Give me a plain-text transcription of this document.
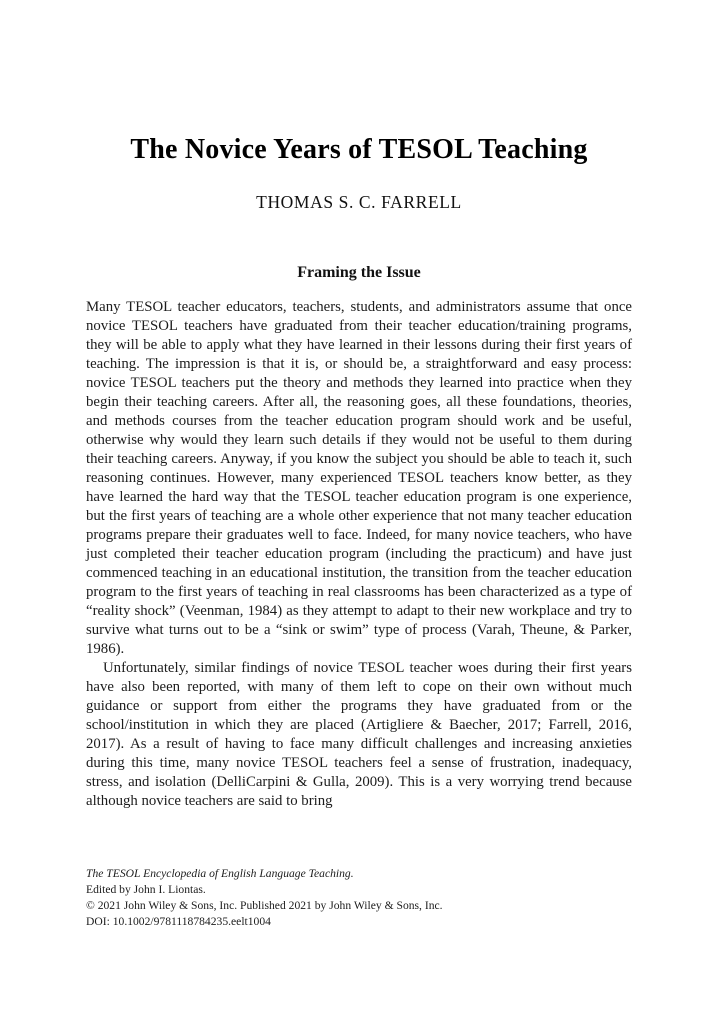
The Novice Years of TESOL Teaching
THOMAS S. C. FARRELL
Framing the Issue

Many TESOL teacher educators, teachers, students, and administrators assume that once novice TESOL teachers have graduated from their teacher education/training programs, they will be able to apply what they have learned in their lessons during their first years of teaching. The impression is that it is, or should be, a straightforward and easy process: novice TESOL teachers put the theory and methods they learned into practice when they begin their teaching careers. After all, the reasoning goes, all these foundations, theories, and methods courses from the teacher education program should work and be useful, otherwise why would they learn such details if they would not be useful to them during their teaching careers. Anyway, if you know the subject you should be able to teach it, such reasoning continues. However, many experienced TESOL teachers know better, as they have learned the hard way that the TESOL teacher education program is one experience, but the first years of teaching are a whole other experience that not many teacher education programs prepare their graduates well to face. Indeed, for many novice teachers, who have just completed their teacher education program (including the practicum) and have just commenced teaching in an educational institution, the transition from the teacher education program to the first years of teaching in real classrooms has been characterized as a type of “reality shock” (Veenman, 1984) as they attempt to adapt to their new workplace and try to survive what turns out to be a “sink or swim” type of process (Varah, Theune, & Parker, 1986).

Unfortunately, similar findings of novice TESOL teacher woes during their first years have also been reported, with many of them left to cope on their own without much guidance or support from either the programs they have graduated from or the school/institution in which they are placed (Artigliere & Baecher, 2017; Farrell, 2016, 2017). As a result of having to face many difficult challenges and increasing anxieties during this time, many novice TESOL teachers feel a sense of frustration, inadequacy, stress, and isolation (DelliCarpini & Gulla, 2009). This is a very worrying trend because although novice teachers are said to bring

The TESOL Encyclopedia of English Language Teaching.
Edited by John I. Liontas.
© 2021 John Wiley & Sons, Inc. Published 2021 by John Wiley & Sons, Inc.
DOI: 10.1002/9781118784235.eelt1004
